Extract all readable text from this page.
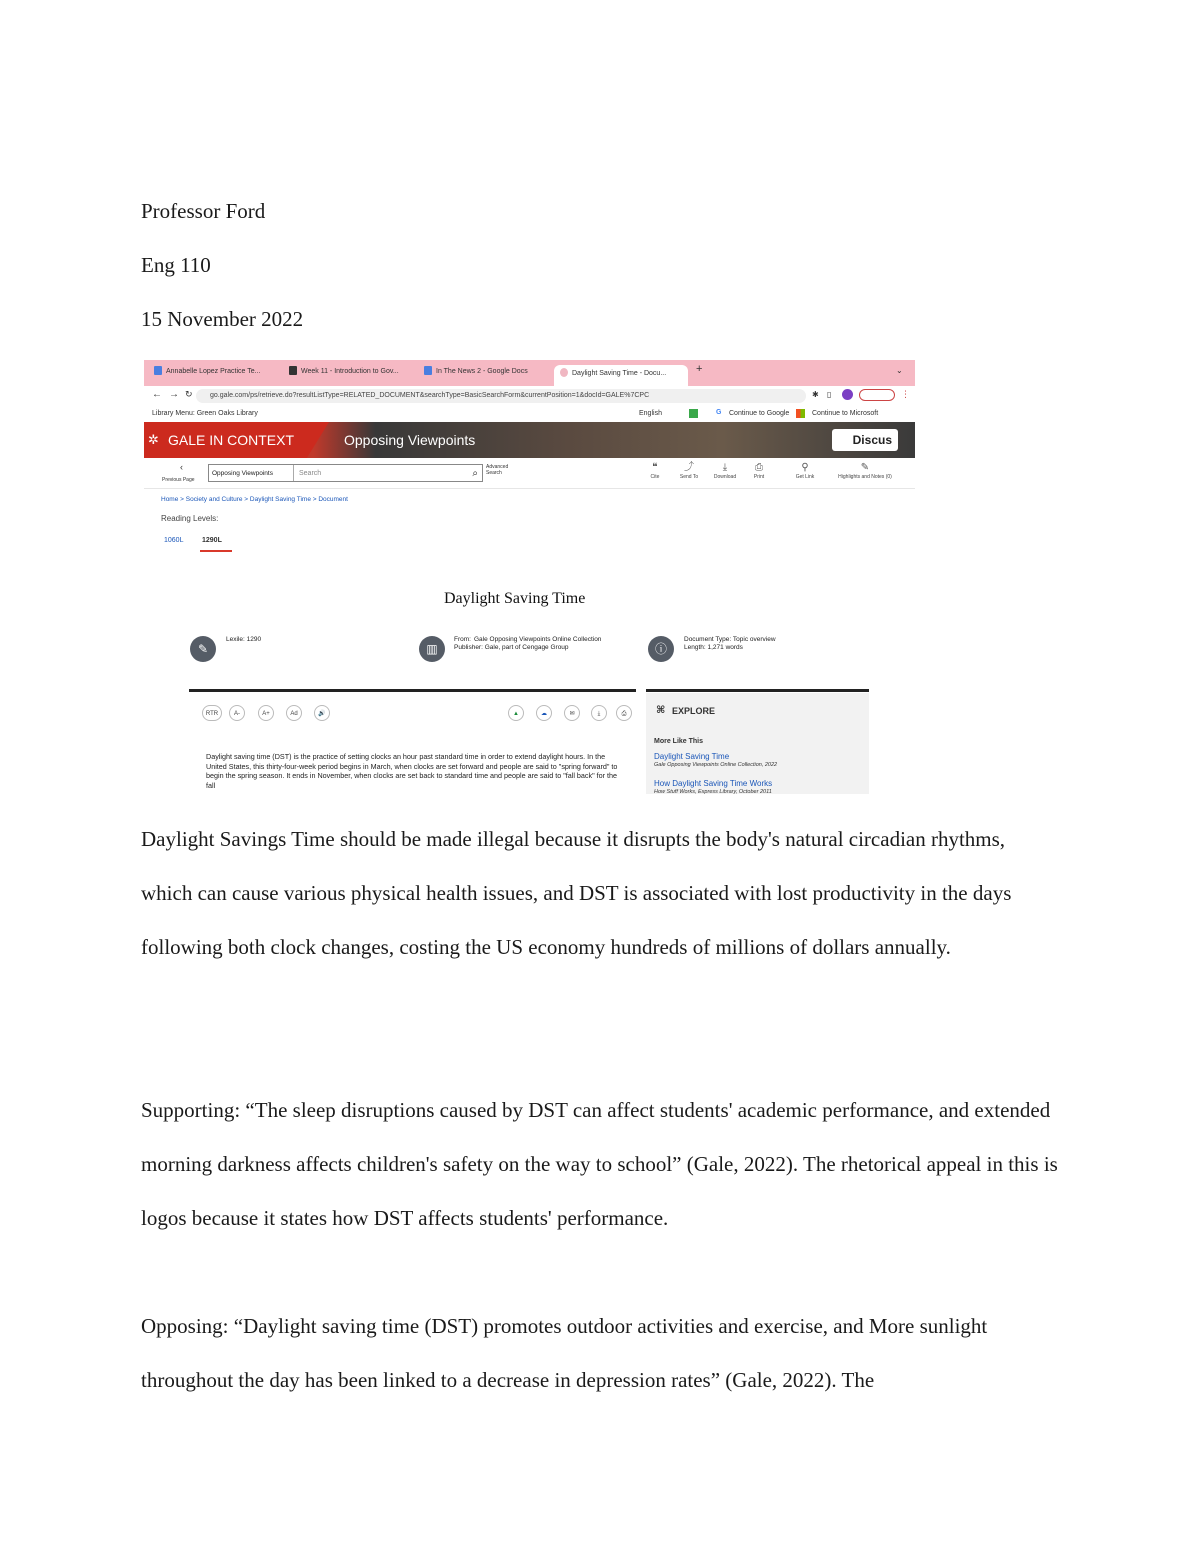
Professor Ford
Eng 110
15 November 2022
Annabelle Lopez Practice Te...	Week 11 - Introduction to Gov...	In The News 2 - Google Docs	Daylight Saving Time - Docu...	+	⌄
← → ↻	go.gale.com/ps/retrieve.do?resultListType=RELATED_DOCUMENT&searchType=BasicSearchForm&currentPosition=1&docId=GALE%7CPC	✱ ▯	⋮
Library Menu: Green Oaks Library	English	G Continue to Google	Continue to Microsoft
✲ GALE IN CONTEXT	Opposing Viewpoints	Discus
‹
Previous Page
Opposing Viewpoints	Search	⌕
Advanced Search	❝
Cite
⤴
Send To
⤓
Download
⎙
Print
⚲
Get Link
✎
Highlights and Notes (0)
Home > Society and Culture > Daylight Saving Time > Document
Reading Levels:
1060L	1290L
Daylight Saving Time
✎
Lexile: 1290
▥
From: Gale Opposing Viewpoints Online Collection
Publisher: Gale, part of Cengage Group	ⓘ
Document Type: Topic overview
Length: 1,271 words
RTR	A-	A+	Ad	🔊	▲	☁	✉	⤓	⎙

Daylight saving time (DST) is the practice of setting clocks an hour past standard time in order to extend daylight hours. In the United States, this thirty-four-week period begins in March, when clocks are set forward and people are said to "spring forward" to begin the spring season. It ends in November, when clocks are set back to standard time and people are said to "fall back" for the fall

⌘ EXPLORE
More Like This
Daylight Saving Time
Gale Opposing Viewpoints Online Collection, 2022
How Daylight Saving Time Works
How Stuff Works, Express Library, October 2011

Daylight Savings Time should be made illegal because it disrupts the body's natural circadian rhythms, which can cause various physical health issues, and DST is associated with lost productivity in the days following both clock changes, costing the US economy hundreds of millions of dollars annually.

Supporting: “The sleep disruptions caused by DST can affect students' academic performance, and extended morning darkness affects children's safety on the way to school” (Gale, 2022). The rhetorical appeal in this is logos because it states how DST affects students' performance.

Opposing: “Daylight saving time (DST) promotes outdoor activities and exercise, and More sunlight throughout the day has been linked to a decrease in depression rates” (Gale, 2022). The
